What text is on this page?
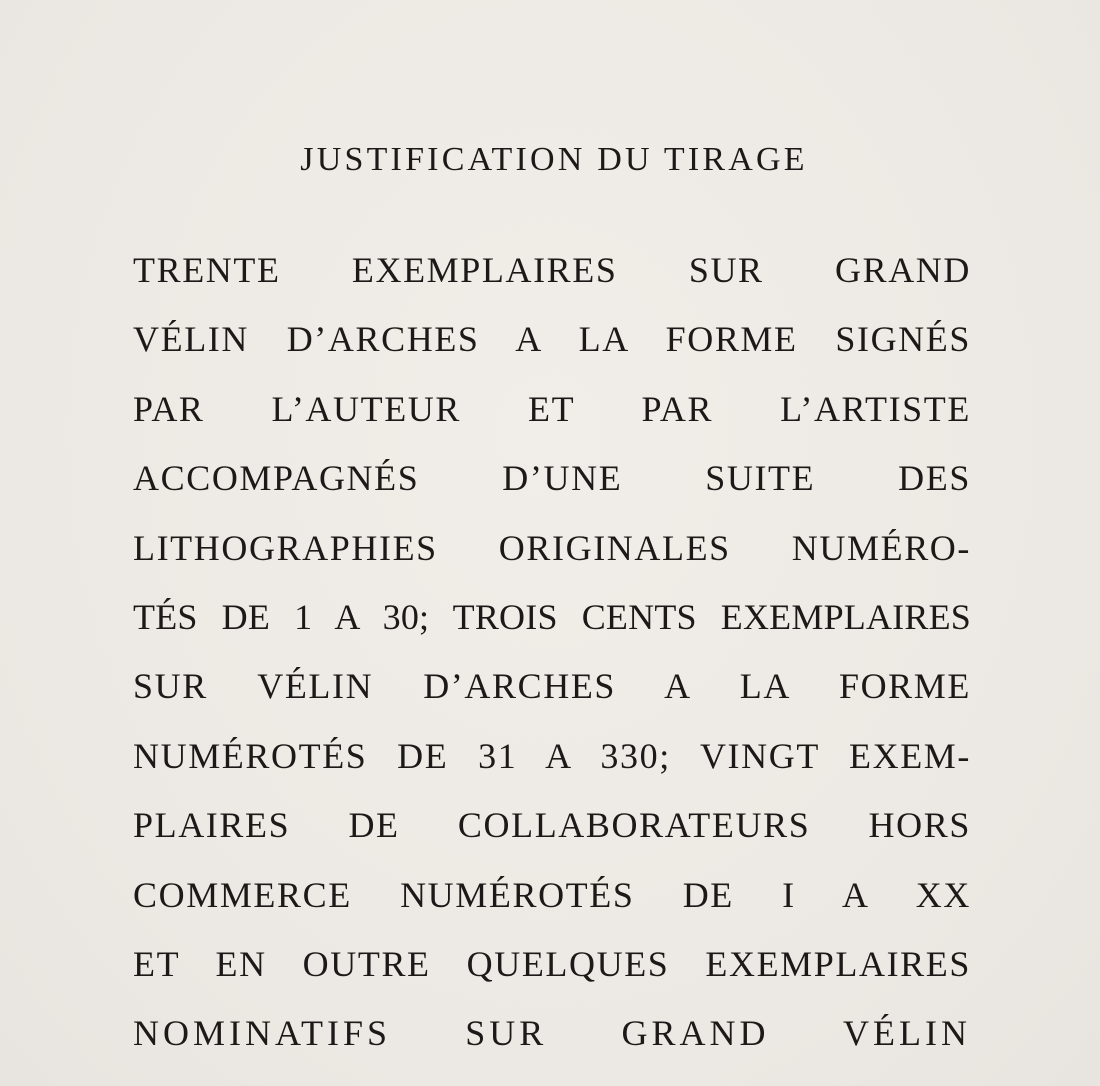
JUSTIFICATION DU TIRAGE
TRENTE EXEMPLAIRES SUR GRAND
VÉLIN D’ARCHES A LA FORME SIGNÉS
PAR L’AUTEUR ET PAR L’ARTISTE
ACCOMPAGNÉS D’UNE SUITE DES
LITHOGRAPHIES ORIGINALES NUMÉRO-
TÉS DE 1 A 30; TROIS CENTS EXEMPLAIRES
SUR VÉLIN D’ARCHES A LA FORME
NUMÉROTÉS DE 31 A 330; VINGT EXEM-
PLAIRES DE COLLABORATEURS HORS
COMMERCE NUMÉROTÉS DE I A XX
ET EN OUTRE QUELQUES EXEMPLAIRES
NOMINATIFS SUR GRAND VÉLIN
